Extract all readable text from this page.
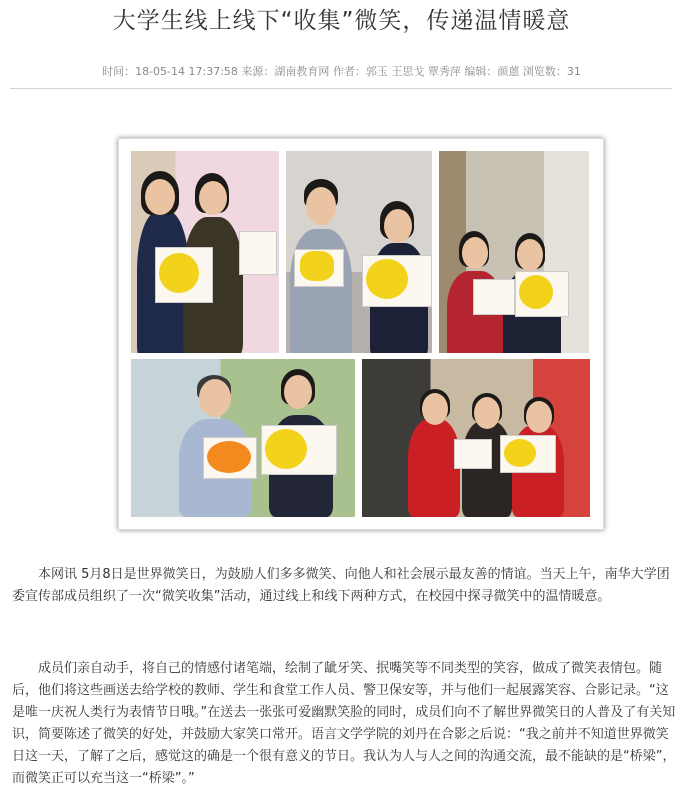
大学生线上线下“收集”微笑，传递温情暖意
时间：18-05-14 17:37:58 来源：湖南教育网 作者：郭玉 王思戈 覃秀萍 编辑：颜蒽 浏览数：31

本网讯 5月8日是世界微笑日，为鼓励人们多多微笑、向他人和社会展示最友善的情谊。当天上午，南华大学团委宣传部成员组织了一次“微笑收集”活动，通过线上和线下两种方式，在校园中探寻微笑中的温情暖意。

成员们亲自动手，将自己的情感付诸笔端，绘制了龇牙笑、抿嘴笑等不同类型的笑容，做成了微笑表情包。随后，他们将这些画送去给学校的教师、学生和食堂工作人员、警卫保安等，并与他们一起展露笑容、合影记录。“这是唯一庆祝人类行为表情节日哦。”在送去一张张可爱幽默笑脸的同时，成员们向不了解世界微笑日的人普及了有关知识，简要陈述了微笑的好处，并鼓励大家笑口常开。语言文学学院的刘丹在合影之后说：“我之前并不知道世界微笑日这一天，了解了之后，感觉这的确是一个很有意义的节日。我认为人与人之间的沟通交流，最不能缺的是“桥梁”，而微笑正可以充当这一“桥梁”。”
